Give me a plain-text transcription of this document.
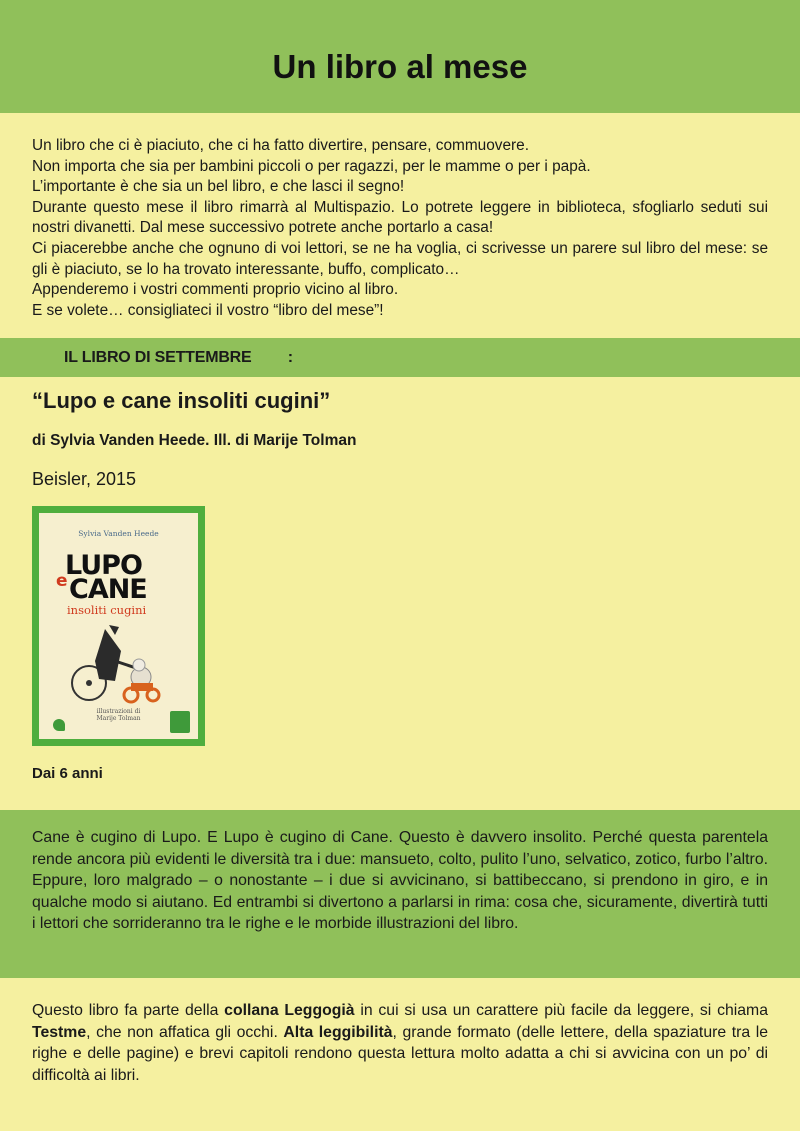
Un libro al mese

Un libro che ci è piaciuto, che ci ha fatto divertire, pensare, commuovere.

Non importa che sia per bambini piccoli o per ragazzi, per le mamme o per i papà.

L’importante è che sia un bel libro, e che lasci il segno!

Durante questo mese il libro rimarrà al Multispazio. Lo potrete leggere in biblioteca, sfogliarlo seduti sui nostri divanetti. Dal mese successivo potrete anche portarlo a casa!

Ci piacerebbe anche che ognuno di voi lettori, se ne ha voglia, ci scrivesse un parere sul libro del mese: se gli è piaciuto, se lo ha trovato interessante, buffo, complicato…

Appenderemo i vostri commenti proprio vicino al libro.

E se volete… consigliateci il vostro “libro del mese”!

IL LIBRO DI SETTEMBRE :
“Lupo e cane insoliti cugini”
di Sylvia Vanden Heede. Ill. di Marije Tolman
Beisler, 2015
Sylvia Vanden Heede
LUPO
e CANE
insoliti cugini
illustrazioni di
Marije Tolman
Dai 6 anni
Cane è cugino di Lupo. E Lupo è cugino di Cane. Questo è davvero insolito. Perché questa parentela rende ancora più evidenti le diversità tra i due: mansueto, colto, pulito l’uno, selvatico, zotico, furbo l’altro. Eppure, loro malgrado – o nonostante – i due si avvicinano, si battibeccano, si prendono in giro, e in qualche modo si aiutano. Ed entrambi si divertono a parlarsi in rima: cosa che, sicuramente, divertirà tutti i lettori che sorrideranno tra le righe e le morbide illustrazioni del libro.
Questo libro fa parte della collana Leggogià in cui si usa un carattere più facile da leggere, si chiama Testme, che non affatica gli occhi. Alta leggibilità, grande formato (delle lettere, della spaziature tra le righe e delle pagine) e brevi capitoli rendono questa lettura molto adatta a chi si avvicina con un po’ di difficoltà ai libri.
